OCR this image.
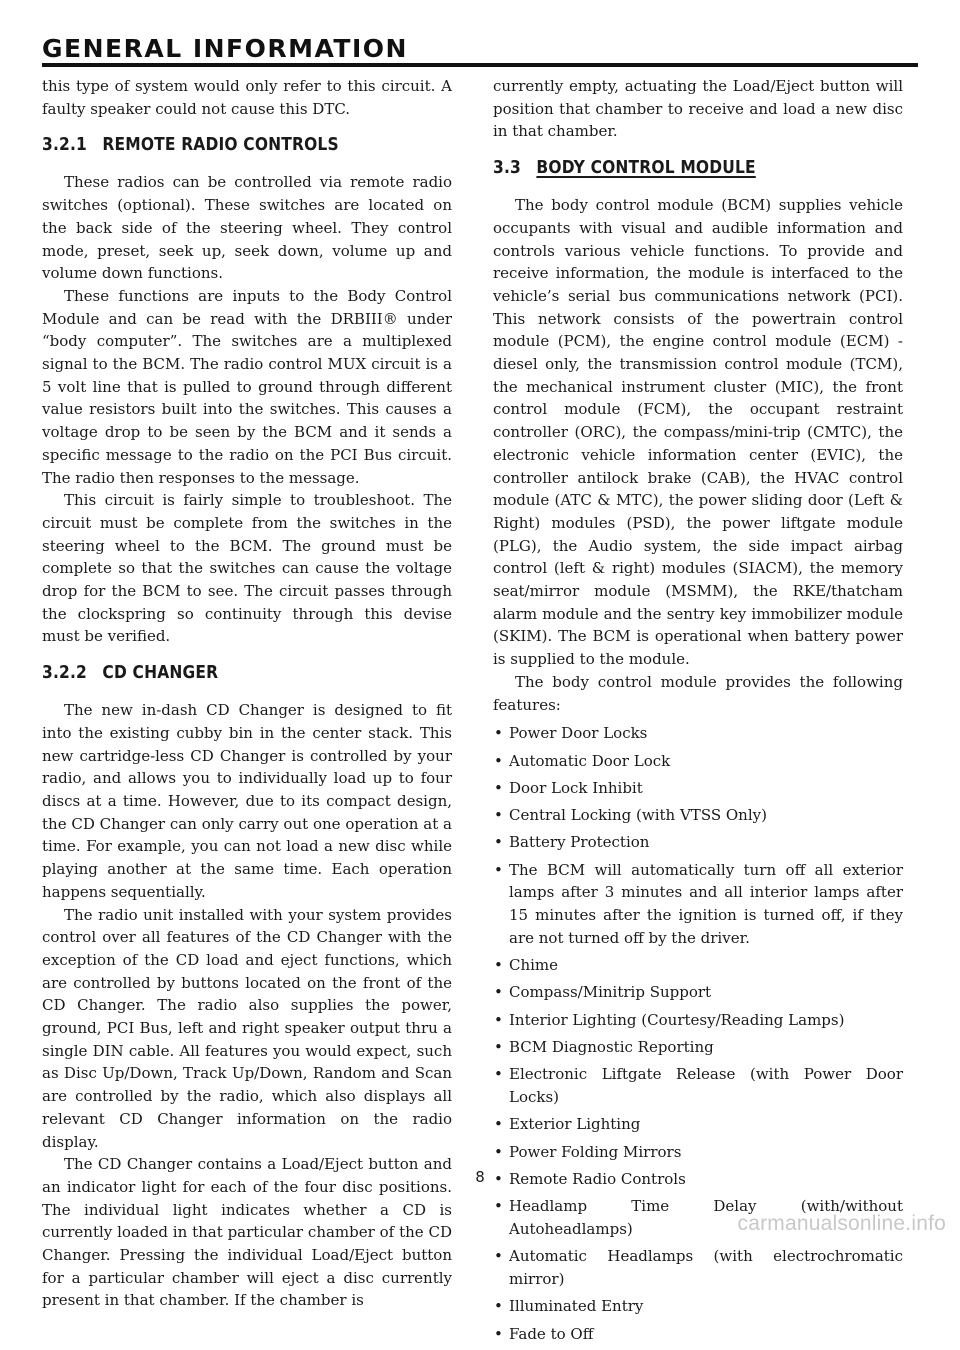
GENERAL INFORMATION

this type of system would only refer to this circuit. A faulty speaker could not cause this DTC.

3.2.1 REMOTE RADIO CONTROLS

These radios can be controlled via remote radio switches (optional). These switches are located on the back side of the steering wheel. They control mode, preset, seek up, seek down, volume up and volume down functions.

These functions are inputs to the Body Control Module and can be read with the DRBIII® under “body computer”. The switches are a multiplexed signal to the BCM. The radio control MUX circuit is a 5 volt line that is pulled to ground through different value resistors built into the switches. This causes a voltage drop to be seen by the BCM and it sends a specific message to the radio on the PCI Bus circuit. The radio then responses to the message.

This circuit is fairly simple to troubleshoot. The circuit must be complete from the switches in the steering wheel to the BCM. The ground must be complete so that the switches can cause the voltage drop for the BCM to see. The circuit passes through the clockspring so continuity through this devise must be verified.

3.2.2 CD CHANGER

The new in-dash CD Changer is designed to fit into the existing cubby bin in the center stack. This new cartridge-less CD Changer is controlled by your radio, and allows you to individually load up to four discs at a time. However, due to its compact design, the CD Changer can only carry out one operation at a time. For example, you can not load a new disc while playing another at the same time. Each operation happens sequentially.

The radio unit installed with your system provides control over all features of the CD Changer with the exception of the CD load and eject functions, which are controlled by buttons located on the front of the CD Changer. The radio also supplies the power, ground, PCI Bus, left and right speaker output thru a single DIN cable. All features you would expect, such as Disc Up/Down, Track Up/Down, Random and Scan are controlled by the radio, which also displays all relevant CD Changer information on the radio display.

The CD Changer contains a Load/Eject button and an indicator light for each of the four disc positions. The individual light indicates whether a CD is currently loaded in that particular chamber of the CD Changer. Pressing the individual Load/Eject button for a particular chamber will eject a disc currently present in that chamber. If the chamber is

currently empty, actuating the Load/Eject button will position that chamber to receive and load a new disc in that chamber.

3.3 BODY CONTROL MODULE

The body control module (BCM) supplies vehicle occupants with visual and audible information and controls various vehicle functions. To provide and receive information, the module is interfaced to the vehicle’s serial bus communications network (PCI). This network consists of the powertrain control module (PCM), the engine control module (ECM) - diesel only, the transmission control module (TCM), the mechanical instrument cluster (MIC), the front control module (FCM), the occupant restraint controller (ORC), the compass/mini-trip (CMTC), the electronic vehicle information center (EVIC), the controller antilock brake (CAB), the HVAC control module (ATC & MTC), the power sliding door (Left & Right) modules (PSD), the power liftgate module (PLG), the Audio system, the side impact airbag control (left & right) modules (SIACM), the memory seat/mirror module (MSMM), the RKE/thatcham alarm module and the sentry key immobilizer module (SKIM). The BCM is operational when battery power is supplied to the module.

The body control module provides the following features:

• Power Door Locks
• Automatic Door Lock
• Door Lock Inhibit
• Central Locking (with VTSS Only)
• Battery Protection
• The BCM will automatically turn off all exterior lamps after 3 minutes and all interior lamps after 15 minutes after the ignition is turned off, if they are not turned off by the driver.
• Chime
• Compass/Minitrip Support
• Interior Lighting (Courtesy/Reading Lamps)
• BCM Diagnostic Reporting
• Electronic Liftgate Release (with Power Door Locks)
• Exterior Lighting
• Power Folding Mirrors
• Remote Radio Controls
• Headlamp Time Delay (with/without Autoheadlamps)
• Automatic Headlamps (with electrochromatic mirror)
• Illuminated Entry
• Fade to Off
8
carmanualsonline.info
